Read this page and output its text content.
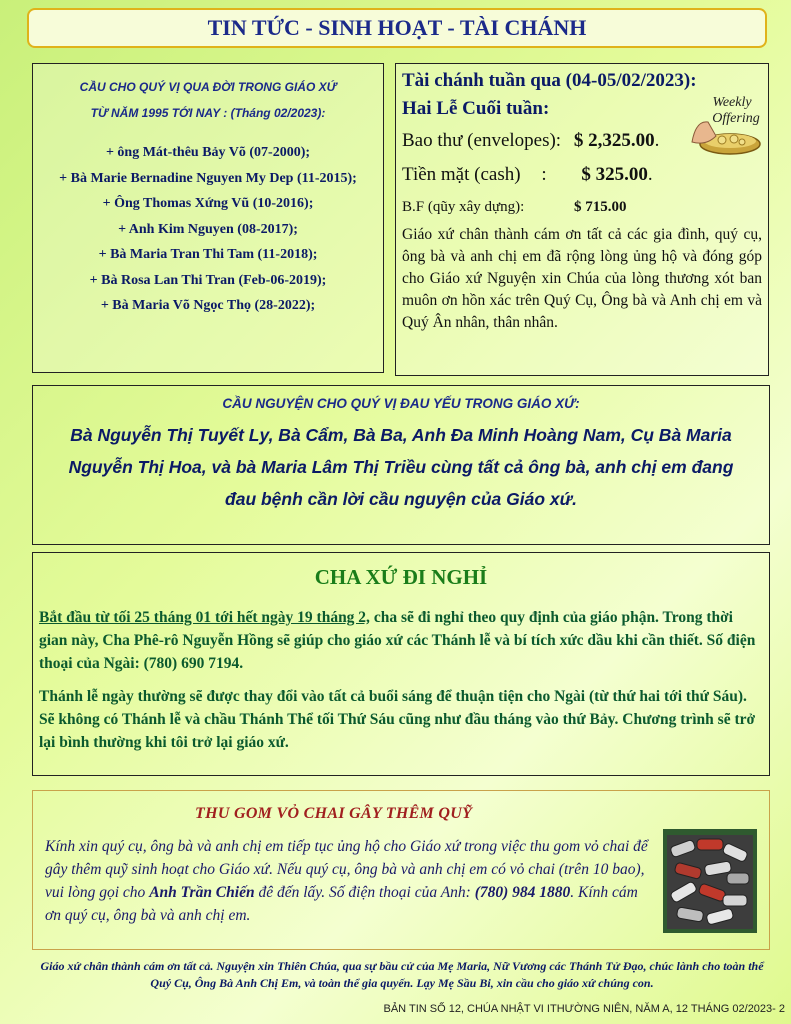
TIN TỨC - SINH HOẠT - TÀI CHÁNH
CẦU CHO QUÝ VỊ QUA ĐỜI TRONG GIÁO XỨ
TỪ NĂM 1995 TỚI NAY : (Tháng 02/2023):
+ ông Mát-thêu Bảy Võ (07-2000);
+ Bà Marie Bernadine Nguyen My Dep (11-2015);
+ Ông Thomas Xứng Vũ (10-2016);
+ Anh Kim Nguyen (08-2017);
+ Bà Maria Tran Thi Tam (11-2018);
+ Bà Rosa Lan Thi Tran (Feb-06-2019);
+ Bà Maria Võ Ngọc Thọ (28-2022);
Tài chánh tuần qua (04-05/02/2023):
Hai Lễ Cuối tuần:
Bao thư (envelopes): $ 2,325.00.
Tiền mặt (cash) : $ 325.00.
B.F (qũy xây dựng):	$ 715.00
Giáo xứ chân thành cám ơn tất cả các gia đình, quý cụ, ông bà và anh chị em đã rộng lòng ủng hộ và đóng góp cho Giáo xứ Nguyện xin Chúa của lòng thương xót ban muôn ơn hồn xác trên Quý Cụ, Ông bà và Anh chị em và Quý Ân nhân, thân nhân.
Weekly
Offering
CẦU NGUYỆN CHO QUÝ VỊ ĐAU YẾU TRONG GIÁO XỨ:
Bà Nguyễn Thị Tuyết Ly, Bà Cẩm, Bà Ba, Anh Đa Minh Hoàng Nam, Cụ Bà Maria Nguyễn Thị Hoa, và bà Maria Lâm Thị Triều cùng tất cả ông bà, anh chị em đang đau bệnh cần lời cầu nguyện của Giáo xứ.
CHA XỨ ĐI NGHỈ

Bắt đầu từ tối 25 tháng 01 tới hết ngày 19 tháng 2, cha sẽ đi nghỉ theo quy định của giáo phận. Trong thời gian này, Cha Phê-rô Nguyễn Hồng sẽ giúp cho giáo xứ các Thánh lễ và bí tích xức dầu khi cần thiết. Số điện thoại của Ngài: (780) 690 7194.

Thánh lễ ngày thường sẽ được thay đổi vào tất cả buổi sáng để thuận tiện cho Ngài (từ thứ hai tới thứ Sáu). Sẽ không có Thánh lễ và chầu Thánh Thể tối Thứ Sáu cũng như đầu tháng vào thứ Bảy. Chương trình sẽ trở lại bình thường khi tôi trở lại giáo xứ.

THU GOM VỎ CHAI GÂY THÊM QUỸ

Kính xin quý cụ, ông bà và anh chị em tiếp tục ủng hộ cho Giáo xứ trong việc thu gom vỏ chai để gây thêm quỹ sinh hoạt cho Giáo xứ. Nếu quý cụ, ông bà và anh chị em có vỏ chai (trên 10 bao), vui lòng gọi cho Anh Trần Chiến đê đến lấy. Số điện thoại của Anh: (780) 984 1880. Kính cám ơn quý cụ, ông bà và anh chị em.

Giáo xứ chân thành cám ơn tất cả. Nguyện xin Thiên Chúa, qua sự bầu cử của Mẹ Maria, Nữ Vương các Thánh Tử Đạo, chúc lành cho toàn thể Quý Cụ, Ông Bà Anh Chị Em, và toàn thể gia quyến. Lạy Mẹ Sầu Bi, xin cầu cho giáo xứ chúng con.
BẢN TIN SỐ 12, CHÚA NHẬT VI ITHƯỜNG NIÊN, NĂM A, 12 THÁNG 02/2023- 2
